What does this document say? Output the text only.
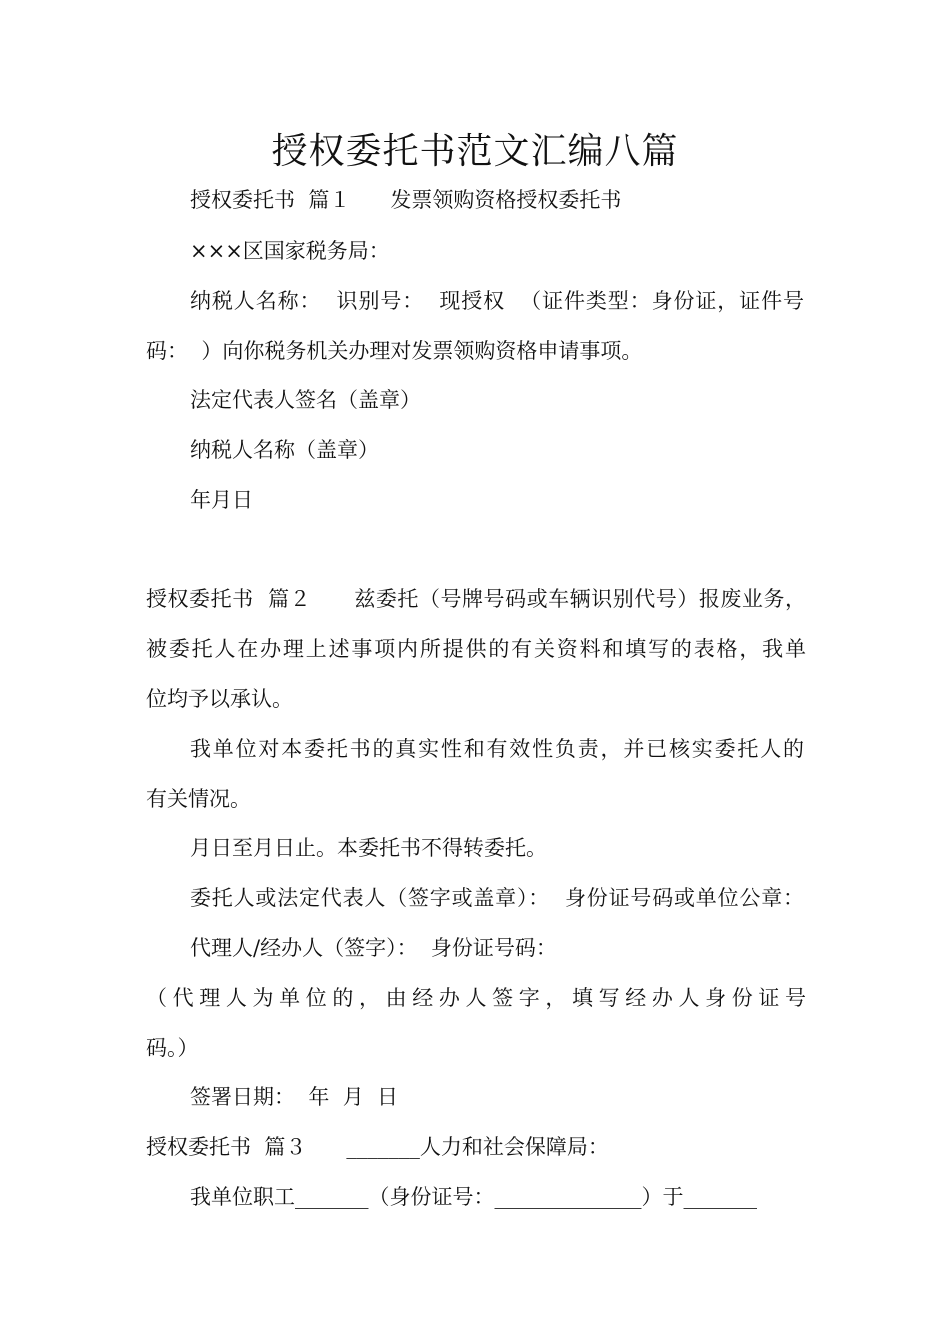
授权委托书范文汇编八篇
授权委托书  篇１      发票领购资格授权委托书
×××区国家税务局：
纳税人名称：  识别号：  现授权  （证件类型：身份证，证件号
码：  ）向你税务机关办理对发票领购资格申请事项。
法定代表人签名（盖章）
纳税人名称（盖章）
年月日
授权委托书  篇２      兹委托（号牌号码或车辆识别代号）报废业务，
被委托人在办理上述事项内所提供的有关资料和填写的表格，我单
位均予以承认。
我单位对本委托书的真实性和有效性负责，并已核实委托人的
有关情况。
月日至月日止。本委托书不得转委托。
委托人或法定代表人（签字或盖章）：  身份证号码或单位公章：
代理人/经办人（签字）：  身份证号码：
（代理人为单位的，由经办人签字，填写经办人身份证号
码。）
签署日期：  年  月  日
授权委托书  篇３      _______人力和社会保障局：
我单位职工_______（身份证号：______________）于_______
